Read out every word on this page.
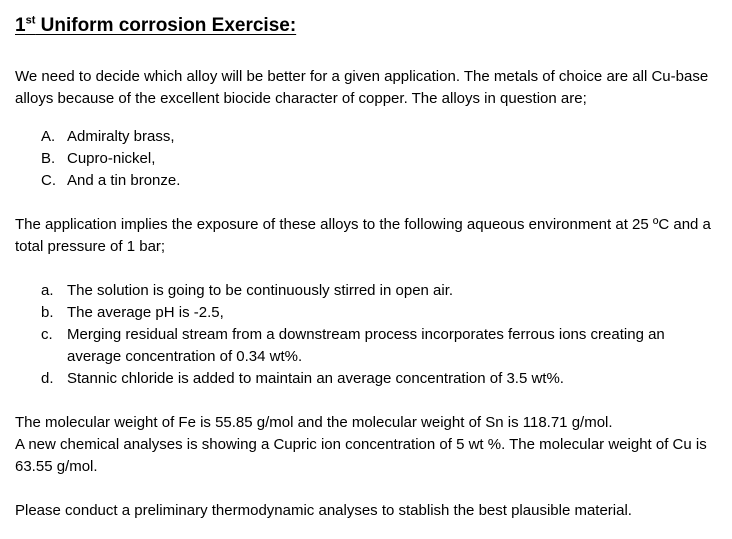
1st Uniform corrosion Exercise:

We need to decide which alloy will be better for a given application. The metals of choice are all Cu-base alloys because of the excellent biocide character of copper. The alloys in question are;

A. Admiralty brass,
B. Cupro-nickel,
C. And a tin bronze.

The application implies the exposure of these alloys to the following aqueous environment at 25 ºC and a total pressure of 1 bar;

a. The solution is going to be continuously stirred in open air.
b. The average pH is -2.5,
c. Merging residual stream from a downstream process incorporates ferrous ions creating an average concentration of 0.34 wt%.
d. Stannic chloride is added to maintain an average concentration of 3.5 wt%.

The molecular weight of Fe is 55.85 g/mol and the molecular weight of Sn is 118.71 g/mol.

A new chemical analyses is showing a Cupric ion concentration of 5 wt %. The molecular weight of Cu is 63.55 g/mol.

Please conduct a preliminary thermodynamic analyses to stablish the best plausible material.
